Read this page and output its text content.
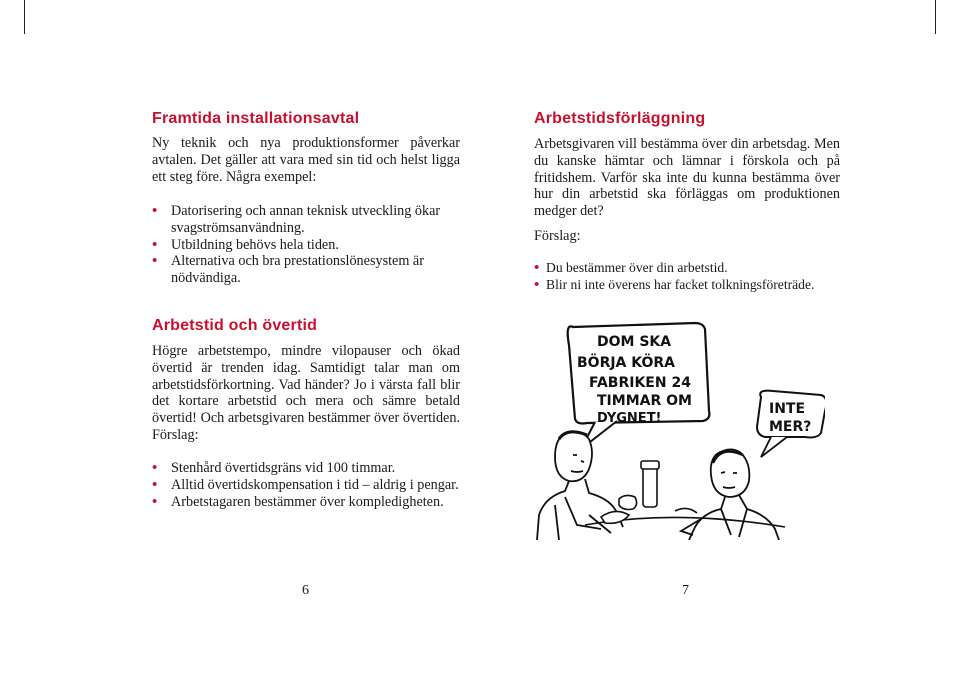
Framtida installationsavtal

Ny teknik och nya produktionsformer påverkar avtalen. Det gäller att vara med sin tid och helst ligga ett steg före. Några exempel:

• Datorisering och annan teknisk utveckling ökar svagströmsanvändning.
• Utbildning behövs hela tiden.
• Alternativa och bra prestationslönesystem är nödvändiga.
Arbetstid och övertid

Högre arbetstempo, mindre vilopauser och ökad övertid är trenden idag. Samtidigt talar man om arbetstidsförkortning. Vad händer? Jo i värsta fall blir det kortare arbetstid och mera och sämre betald övertid! Och arbetsgivaren bestämmer över övertiden. Förslag:

• Stenhård övertidsgräns vid 100 timmar.
• Alltid övertidskompensation i tid – aldrig i pengar.
• Arbetstagaren bestämmer över kompledigheten.
6
Arbetstidsförläggning

Arbetsgivaren vill bestämma över din arbetsdag. Men du kanske hämtar och lämnar i förskola och på fritidshem. Varför ska inte du kunna bestämma över hur din arbetstid ska förläggas om produktionen medger det?

Förslag:

• Du bestämmer över din arbetstid.
• Blir ni inte överens har facket tolkningsföreträde.
DOM SKA
BÖRJA KÖRA
FABRIKEN 24
TIMMAR OM
DYGNET!
INTE
MER?
7
